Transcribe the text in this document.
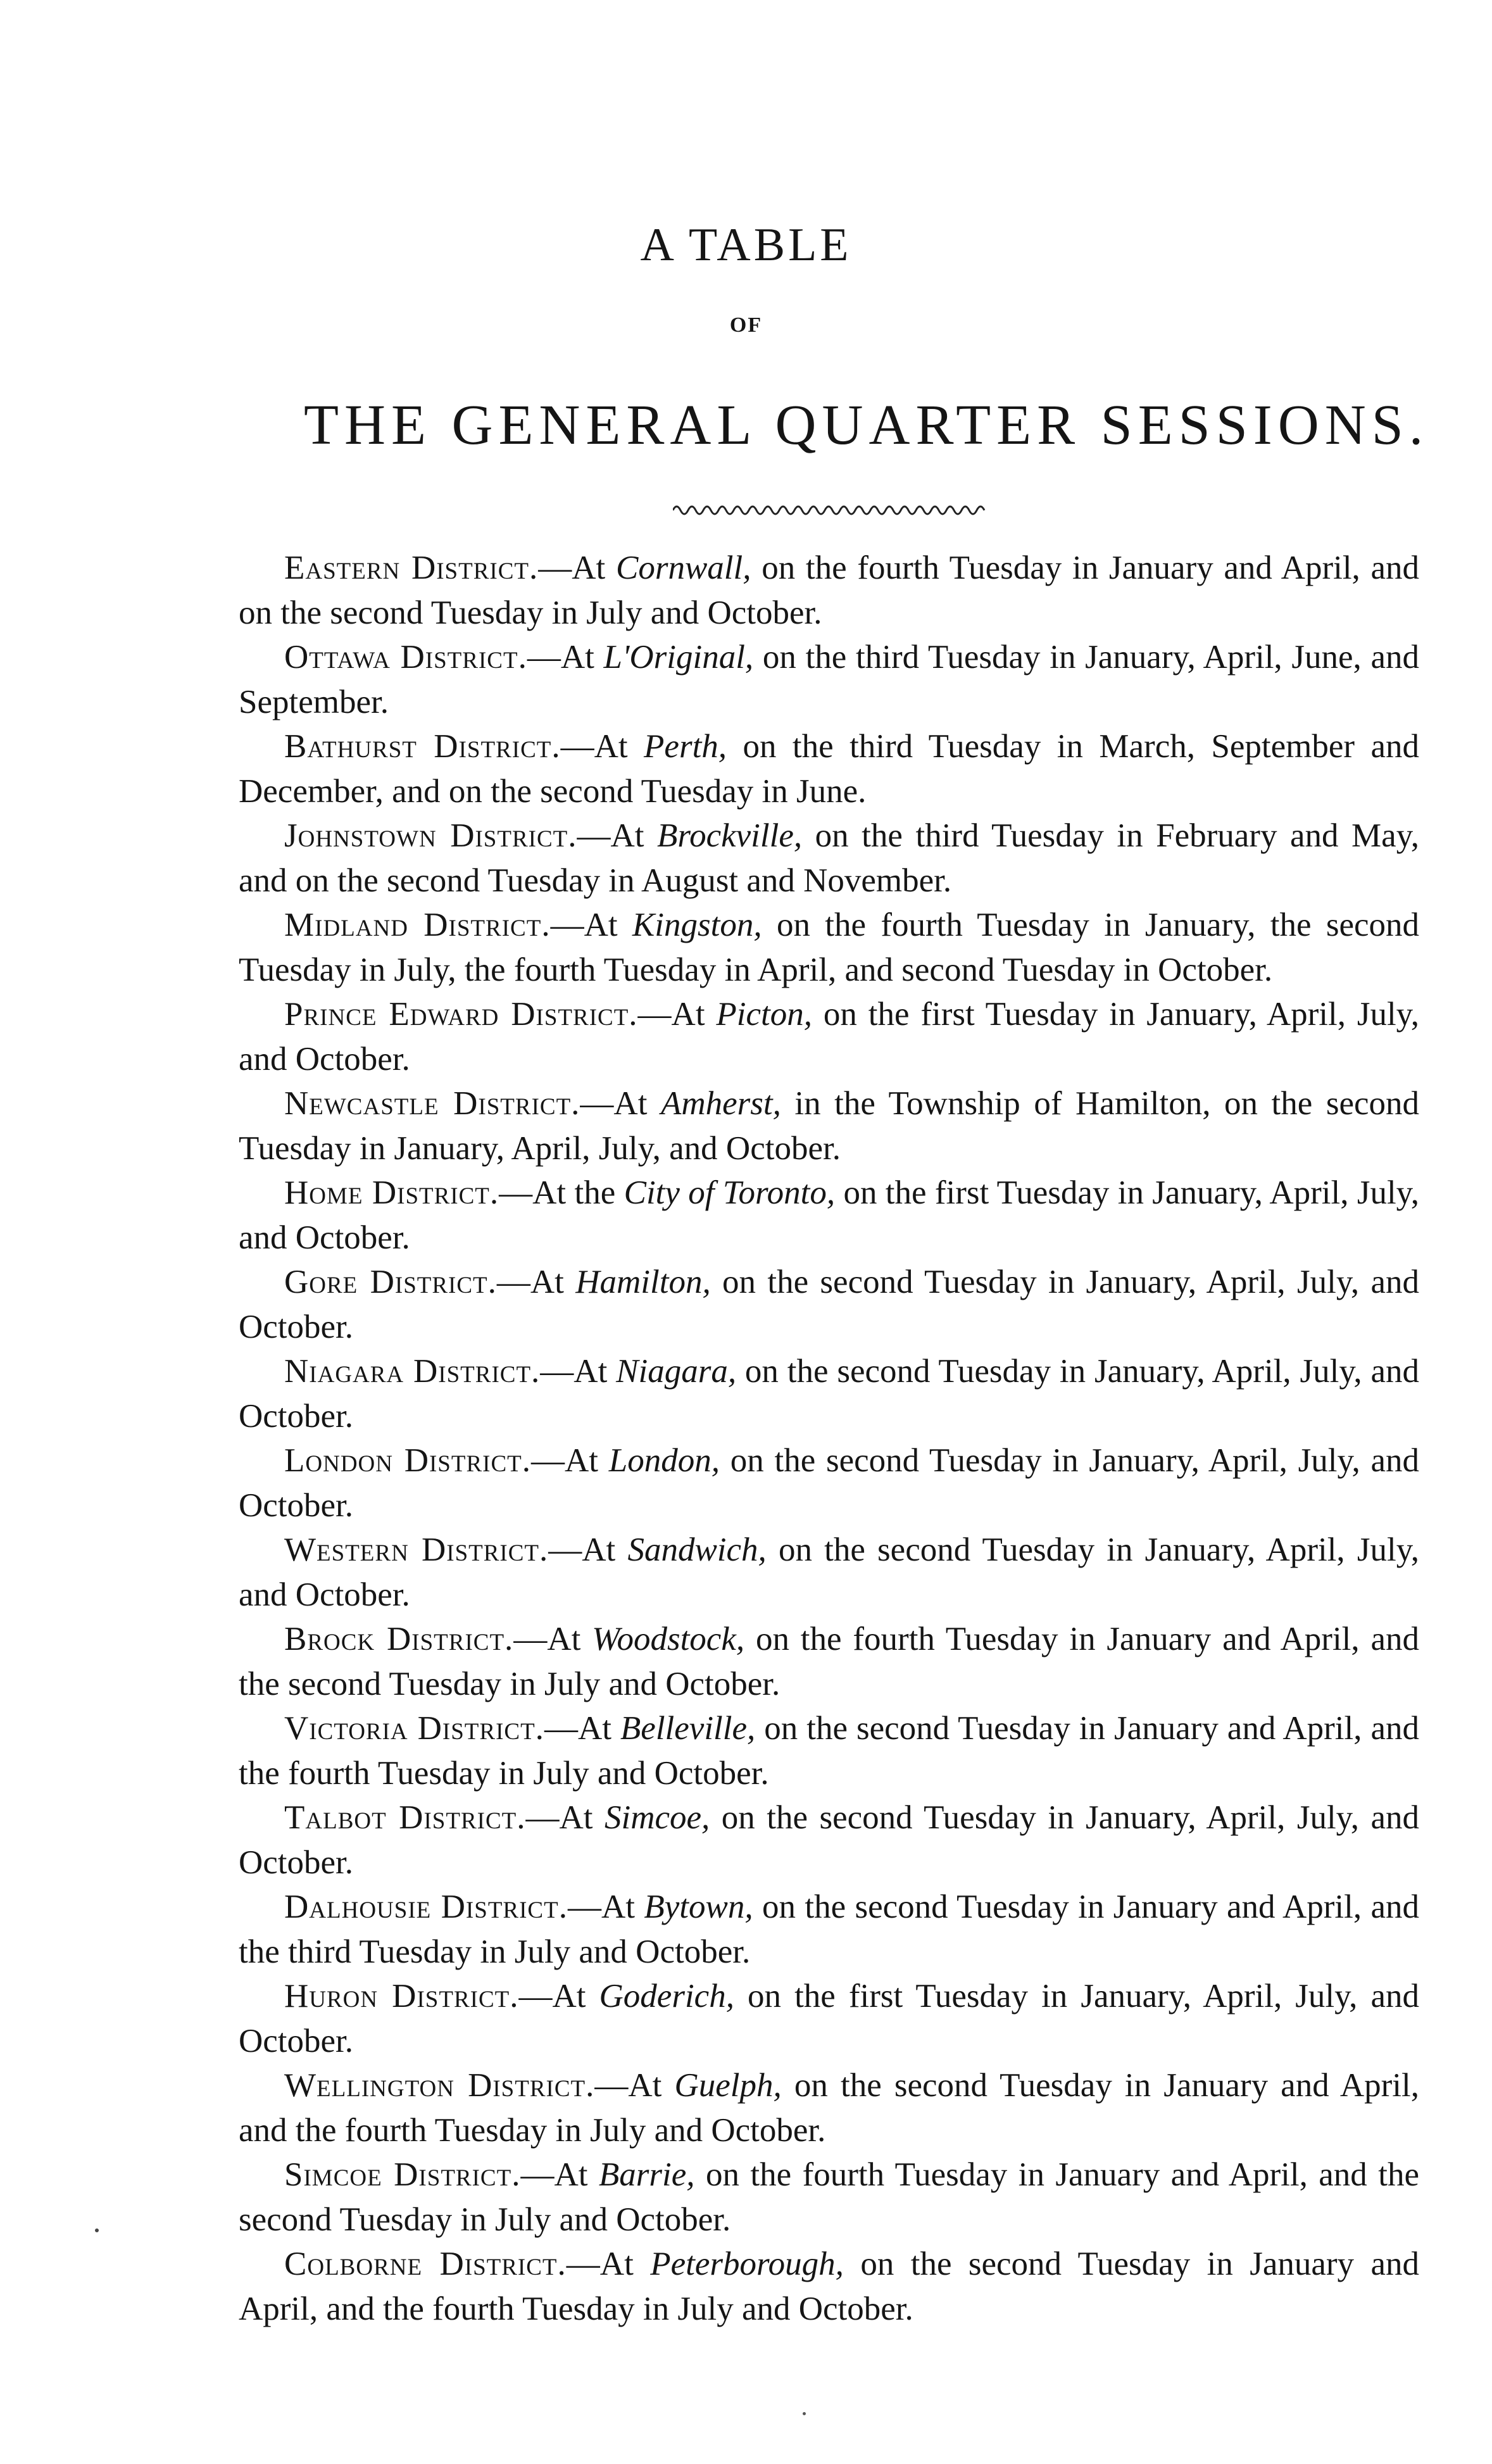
A TABLE
OF
THE GENERAL QUARTER SESSIONS.

Eastern District.—At Cornwall, on the fourth Tuesday in January and April, and on the second Tuesday in July and October.

Ottawa District.—At L'Original, on the third Tuesday in January, April, June, and September.

Bathurst District.—At Perth, on the third Tuesday in March, September and December, and on the second Tuesday in June.

Johnstown District.—At Brockville, on the third Tuesday in February and May, and on the second Tuesday in August and November.

Midland District.—At Kingston, on the fourth Tuesday in January, the second Tuesday in July, the fourth Tuesday in April, and second Tuesday in October.

Prince Edward District.—At Picton, on the first Tuesday in January, April, July, and October.

Newcastle District.—At Amherst, in the Township of Hamilton, on the second Tuesday in January, April, July, and October.

Home District.—At the City of Toronto, on the first Tuesday in January, April, July, and October.

Gore District.—At Hamilton, on the second Tuesday in January, April, July, and October.

Niagara District.—At Niagara, on the second Tuesday in January, April, July, and October.

London District.—At London, on the second Tuesday in January, April, July, and October.

Western District.—At Sandwich, on the second Tuesday in January, April, July, and October.

Brock District.—At Woodstock, on the fourth Tuesday in January and April, and the second Tuesday in July and October.

Victoria District.—At Belleville, on the second Tuesday in January and April, and the fourth Tuesday in July and October.

Talbot District.—At Simcoe, on the second Tuesday in January, April, July, and October.

Dalhousie District.—At Bytown, on the second Tuesday in January and April, and the third Tuesday in July and October.

Huron District.—At Goderich, on the first Tuesday in January, April, July, and October.

Wellington District.—At Guelph, on the second Tuesday in January and April, and the fourth Tuesday in July and October.

Simcoe District.—At Barrie, on the fourth Tuesday in January and April, and the second Tuesday in July and October.

Colborne District.—At Peterborough, on the second Tuesday in January and April, and the fourth Tuesday in July and October.
